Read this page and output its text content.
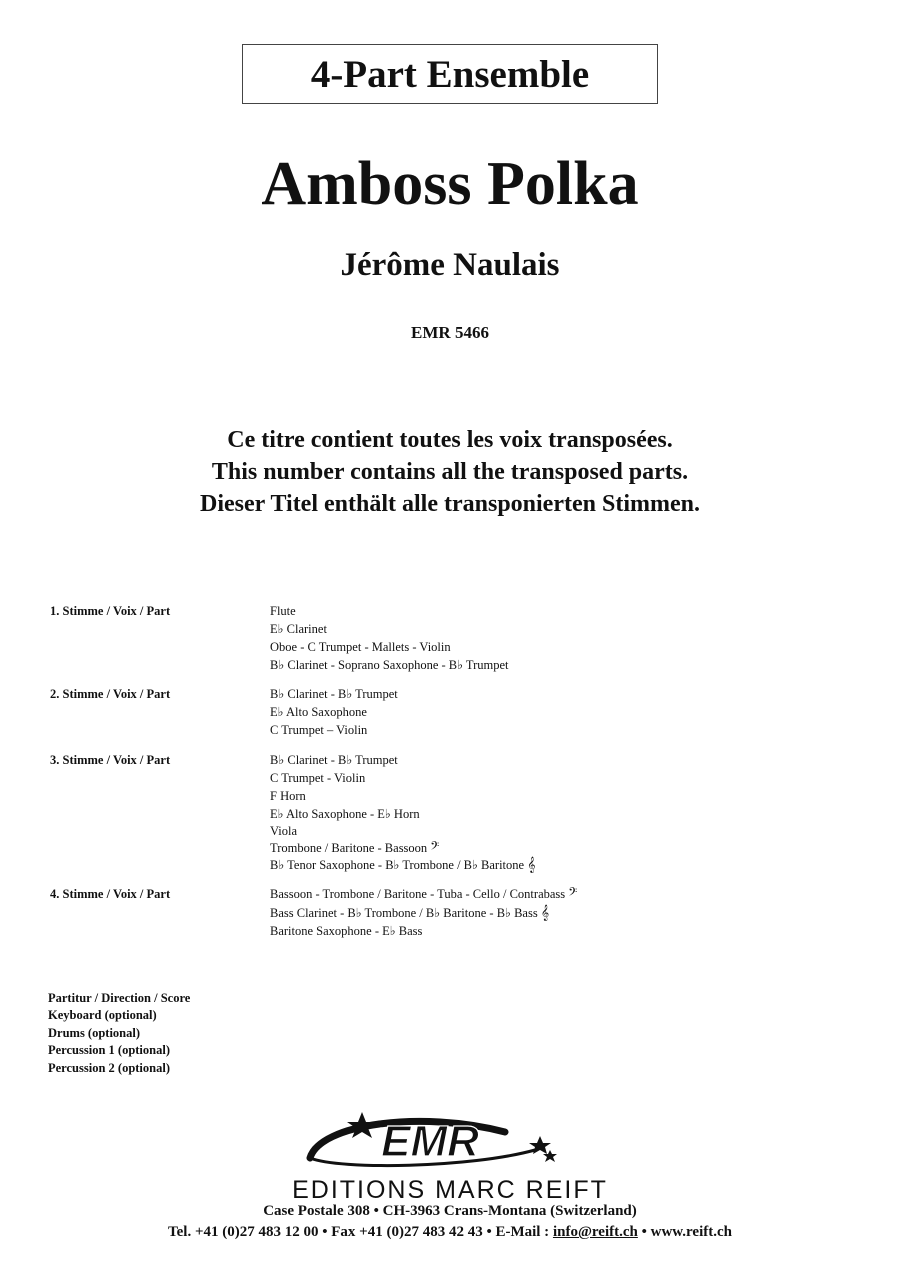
4-Part Ensemble
Amboss Polka
Jérôme Naulais
EMR 5466
Ce titre contient toutes les voix transposées.
This number contains all the transposed parts.
Dieser Titel enthält alle transponierten Stimmen.
1. Stimme / Voix / Part	Flute
E♭ Clarinet
Oboe - C Trumpet - Mallets - Violin
B♭ Clarinet - Soprano Saxophone - B♭ Trumpet
2. Stimme / Voix / Part	B♭ Clarinet - B♭ Trumpet
E♭ Alto Saxophone
C Trumpet – Violin
3. Stimme / Voix / Part	B♭ Clarinet - B♭ Trumpet
C Trumpet - Violin
F Horn
E♭ Alto Saxophone - E♭ Horn
Viola
Trombone / Baritone - Bassoon 𝄢
B♭ Tenor Saxophone - B♭ Trombone / B♭ Baritone 𝄞
4. Stimme / Voix / Part	Bassoon - Trombone / Baritone - Tuba - Cello / Contrabass 𝄢
Bass Clarinet - B♭ Trombone / B♭ Baritone - B♭ Bass 𝄞
Baritone Saxophone - E♭ Bass
Partitur / Direction / Score
Keyboard (optional)
Drums (optional)
Percussion 1 (optional)
Percussion 2 (optional)
EMR
EDITIONS MARC REIFT
Case Postale 308 • CH-3963 Crans-Montana (Switzerland)
Tel. +41 (0)27 483 12 00 • Fax +41 (0)27 483 42 43 • E-Mail : info@reift.ch • www.reift.ch
